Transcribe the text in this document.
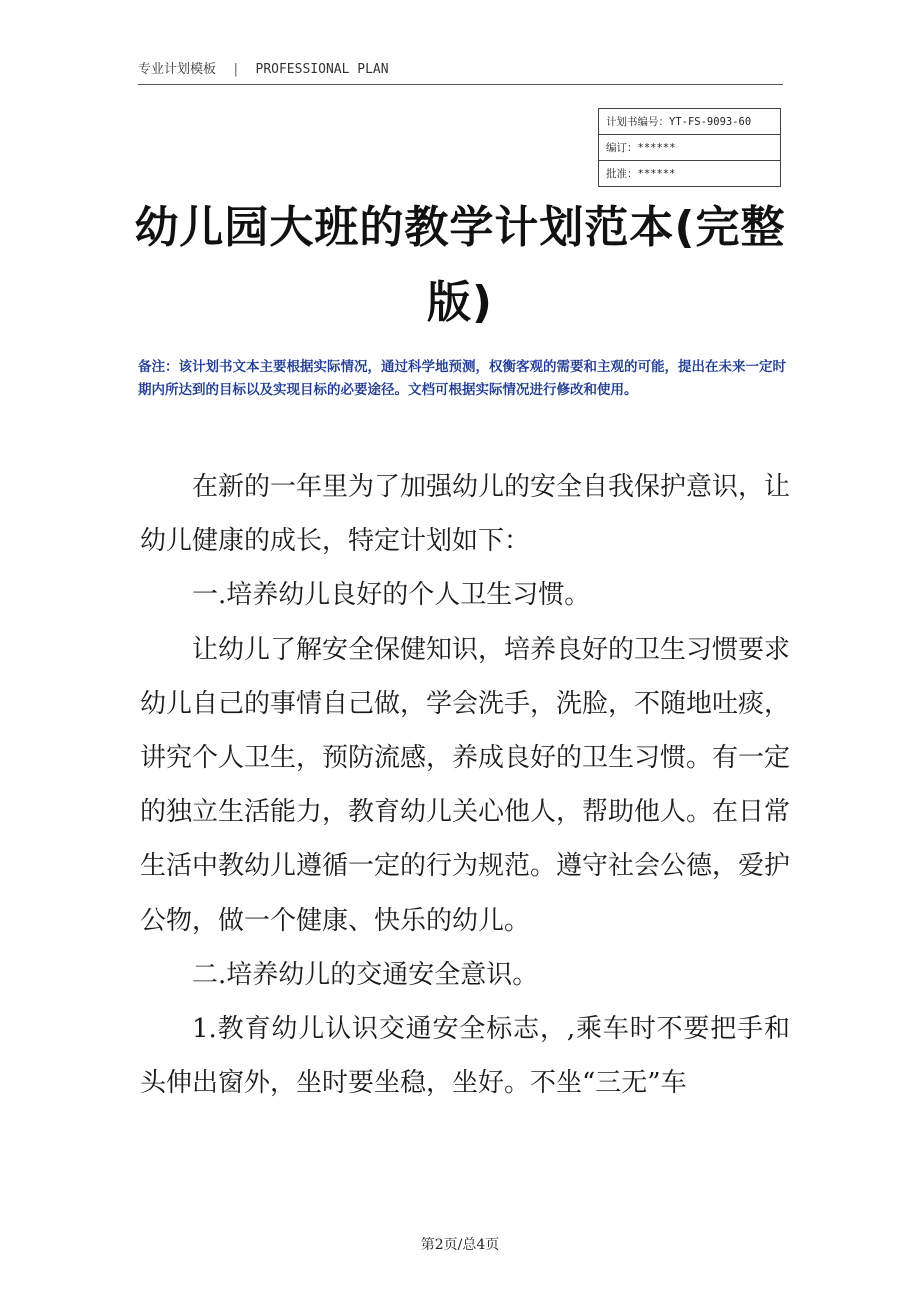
专业计划模板 | PROFESSIONAL PLAN
计划书编号：YT-FS-9093-60
编订：******
批准：******
幼儿园大班的教学计划范本(完整版)
备注：该计划书文本主要根据实际情况，通过科学地预测，权衡客观的需要和主观的可能，提出在未来一定时期内所达到的目标以及实现目标的必要途径。文档可根据实际情况进行修改和使用。

在新的一年里为了加强幼儿的安全自我保护意识，让幼儿健康的成长，特定计划如下：

一.培养幼儿良好的个人卫生习惯。

让幼儿了解安全保健知识，培养良好的卫生习惯要求幼儿自己的事情自己做，学会洗手，洗脸，不随地吐痰，讲究个人卫生，预防流感，养成良好的卫生习惯。有一定的独立生活能力，教育幼儿关心他人，帮助他人。在日常生活中教幼儿遵循一定的行为规范。遵守社会公德，爱护公物，做一个健康、快乐的幼儿。

二.培养幼儿的交通安全意识。

1.教育幼儿认识交通安全标志，,乘车时不要把手和头伸出窗外，坐时要坐稳，坐好。不坐“三无”车

第2页/总4页
